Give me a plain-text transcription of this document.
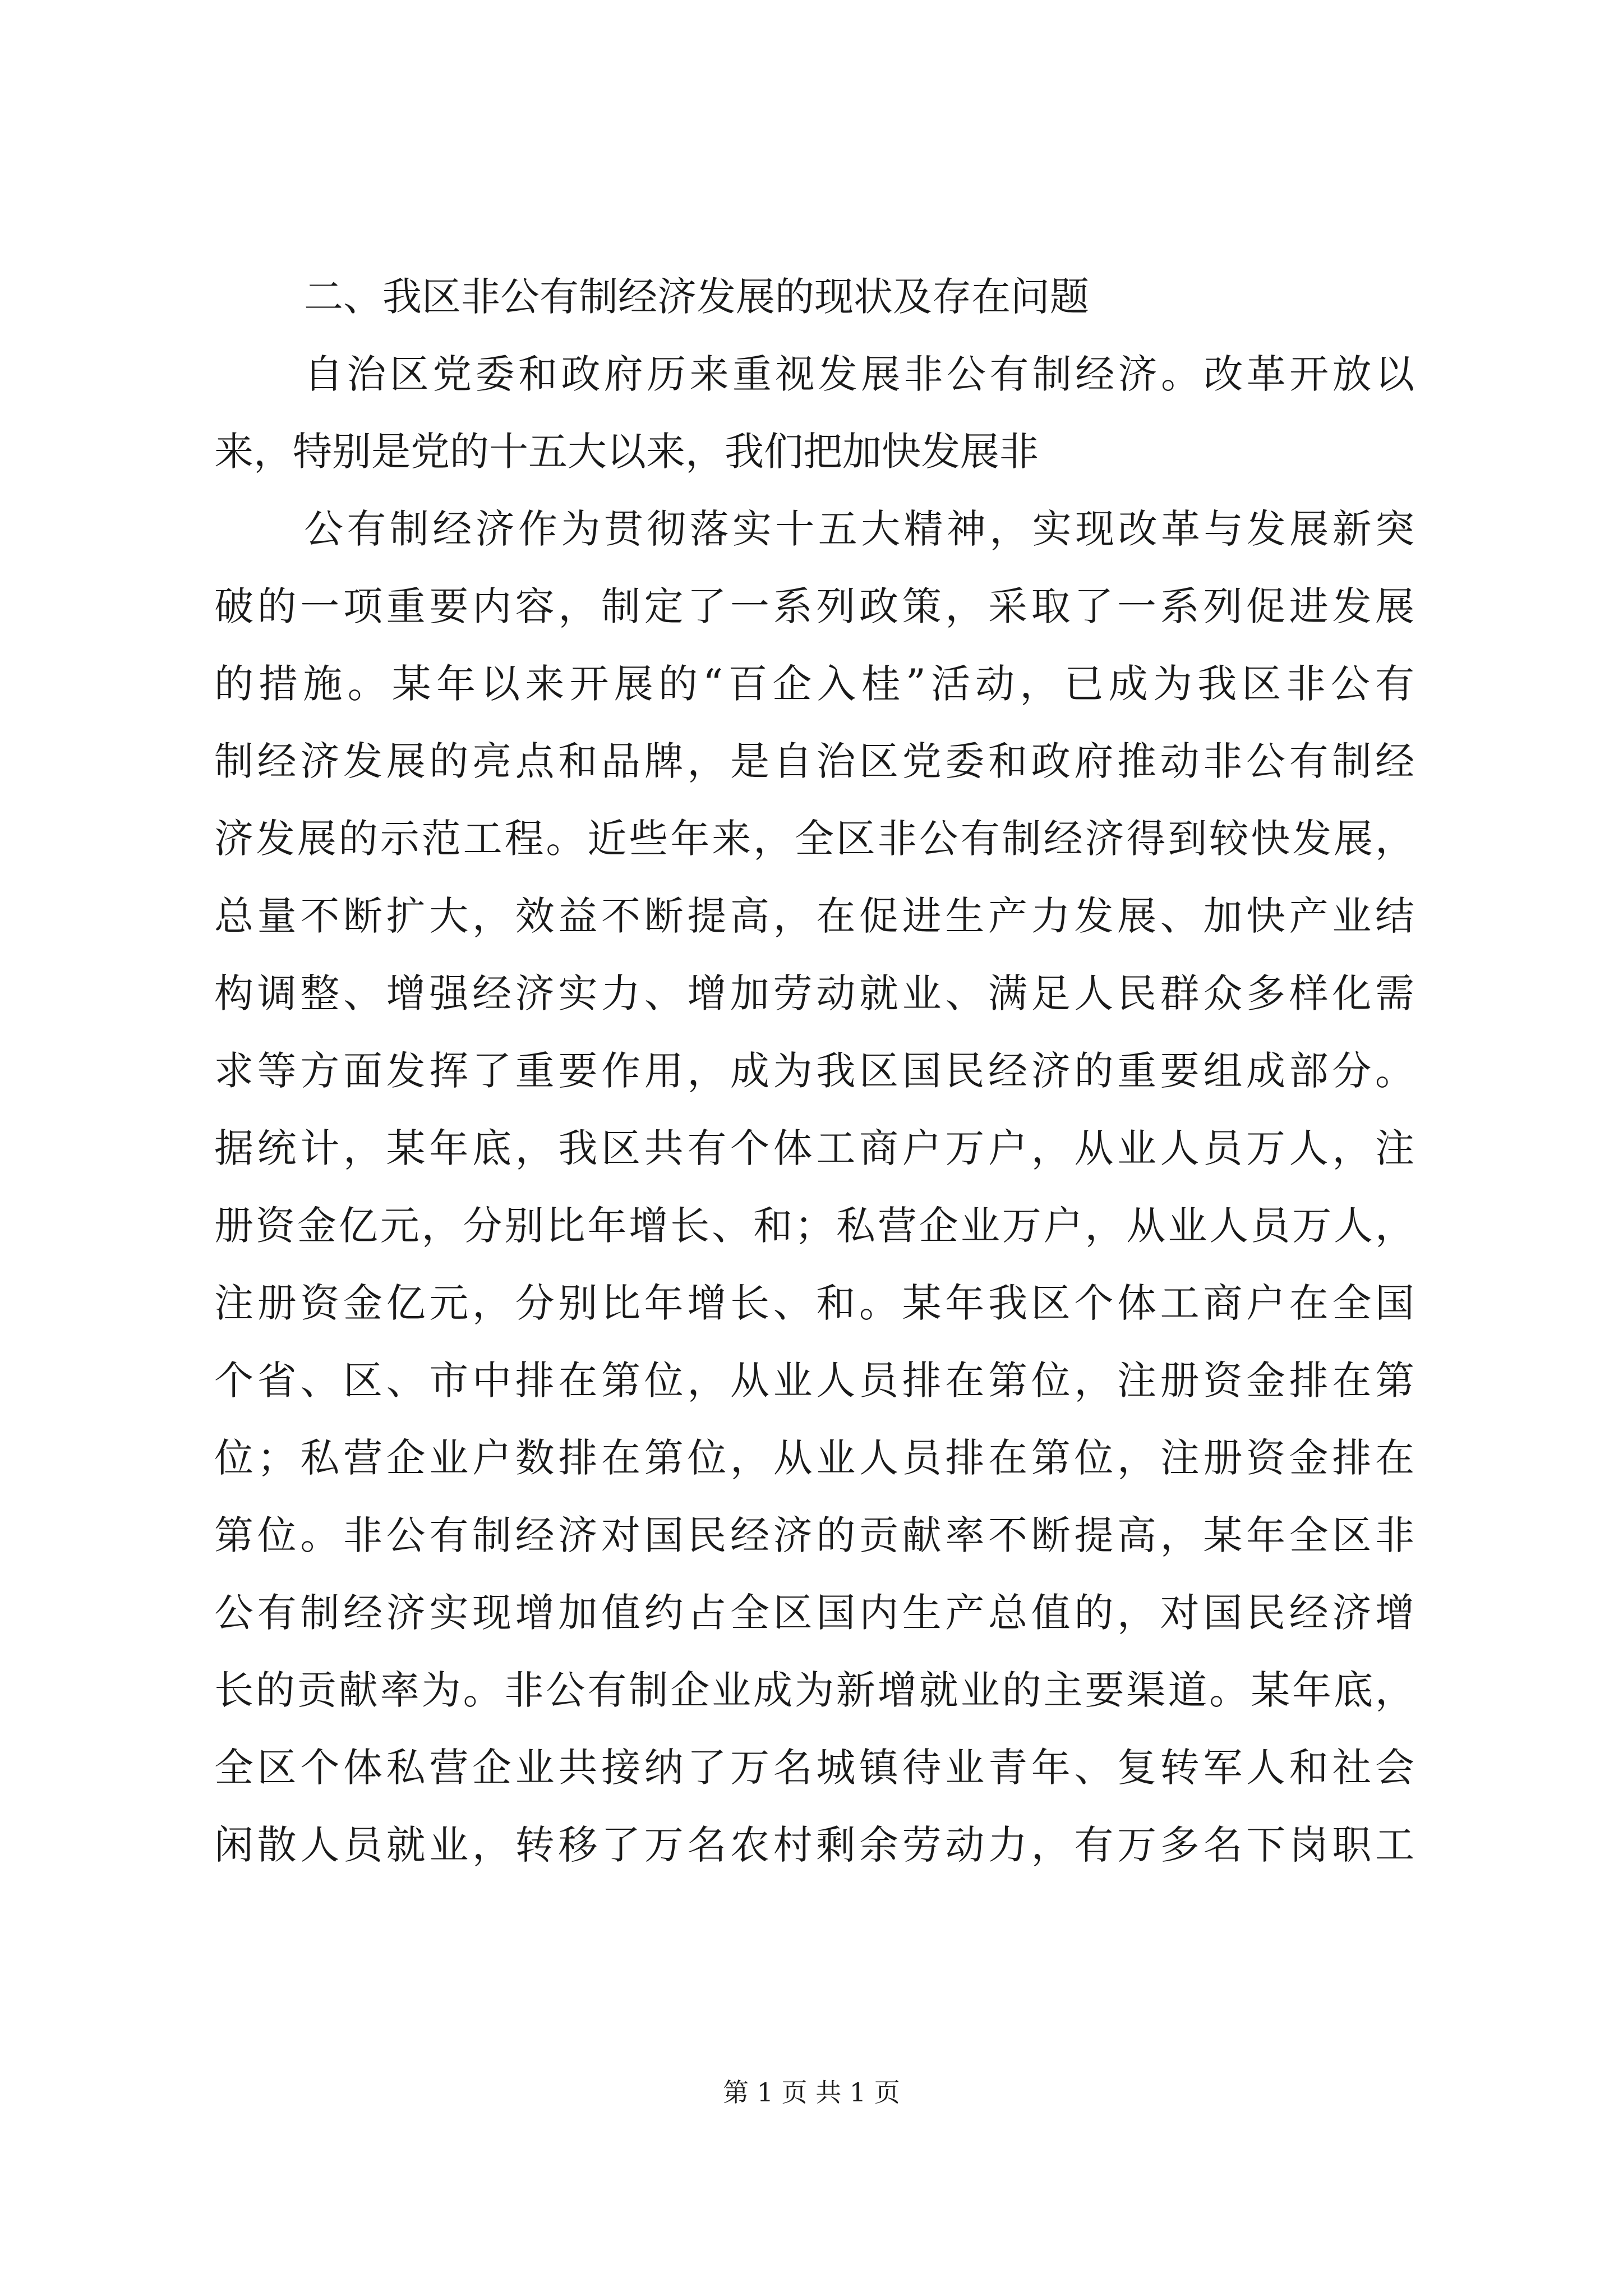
二、我区非公有制经济发展的现状及存在问题
自治区党委和政府历来重视发展非公有制经济。改革开放以
来，特别是党的十五大以来，我们把加快发展非
公有制经济作为贯彻落实十五大精神，实现改革与发展新突
破的一项重要内容，制定了一系列政策，采取了一系列促进发展
的措施。某年以来开展的“百企入桂”活动，已成为我区非公有
制经济发展的亮点和品牌，是自治区党委和政府推动非公有制经
济发展的示范工程。近些年来，全区非公有制经济得到较快发展，
总量不断扩大，效益不断提高，在促进生产力发展、加快产业结
构调整、增强经济实力、增加劳动就业、满足人民群众多样化需
求等方面发挥了重要作用，成为我区国民经济的重要组成部分。
据统计，某年底，我区共有个体工商户万户，从业人员万人，注
册资金亿元，分别比年增长、和；私营企业万户，从业人员万人，
注册资金亿元，分别比年增长、和。某年我区个体工商户在全国
个省、区、市中排在第位，从业人员排在第位，注册资金排在第
位；私营企业户数排在第位，从业人员排在第位，注册资金排在
第位。非公有制经济对国民经济的贡献率不断提高，某年全区非
公有制经济实现增加值约占全区国内生产总值的，对国民经济增
长的贡献率为。非公有制企业成为新增就业的主要渠道。某年底，
全区个体私营企业共接纳了万名城镇待业青年、复转军人和社会
闲散人员就业，转移了万名农村剩余劳动力，有万多名下岗职工
第 1 页 共 1 页
